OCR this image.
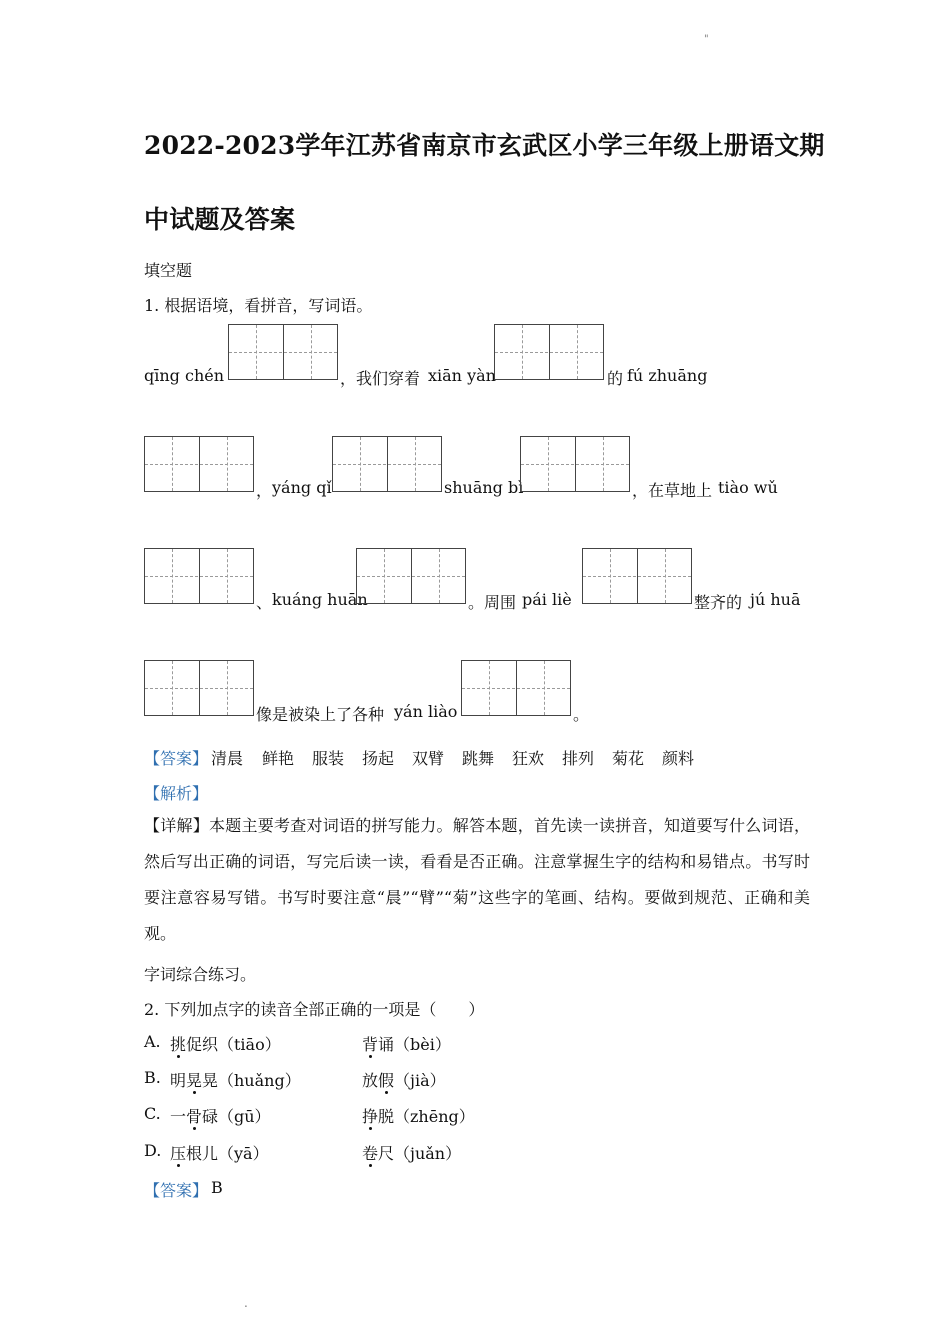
"
.
2022-2023学年江苏省南京市玄武区小学三年级上册语文期
中试题及答案
填空题
1. 根据语境，看拼音，写词语。
qīng chén	，我们穿着 xiān yàn	的 fú zhuāng
， yáng qǐ	shuāng bì	，在草地上 tiào wǔ
、 kuáng huān	。周围 pái liè	整齐的 jú huā
像是被染上了各种 yán liào	。
【答案】 清晨 鲜艳 服装 扬起 双臂 跳舞 狂欢 排列 菊花 颜料
【解析】
【详解】本题主要考查对词语的拼写能力。解答本题，首先读一读拼音，知道要写什么词语，然后写出正确的词语，写完后读一读，看看是否正确。注意掌握生字的结构和易错点。书写时要注意容易写错。书写时要注意“晨”“臂”“菊”这些字的笔画、结构。要做到规范、正确和美观。
字词综合练习。
2. 下列加点字的读音全部正确的一项是（　　）
A. 挑促织（tiāo）	背诵（bèi）
B. 明晃晃（huǎng）	放假（jià）
C. 一骨碌（gū）	挣脱（zhēng）
D. 压根儿（yā）	卷尺（juǎn）
【答案】 B
